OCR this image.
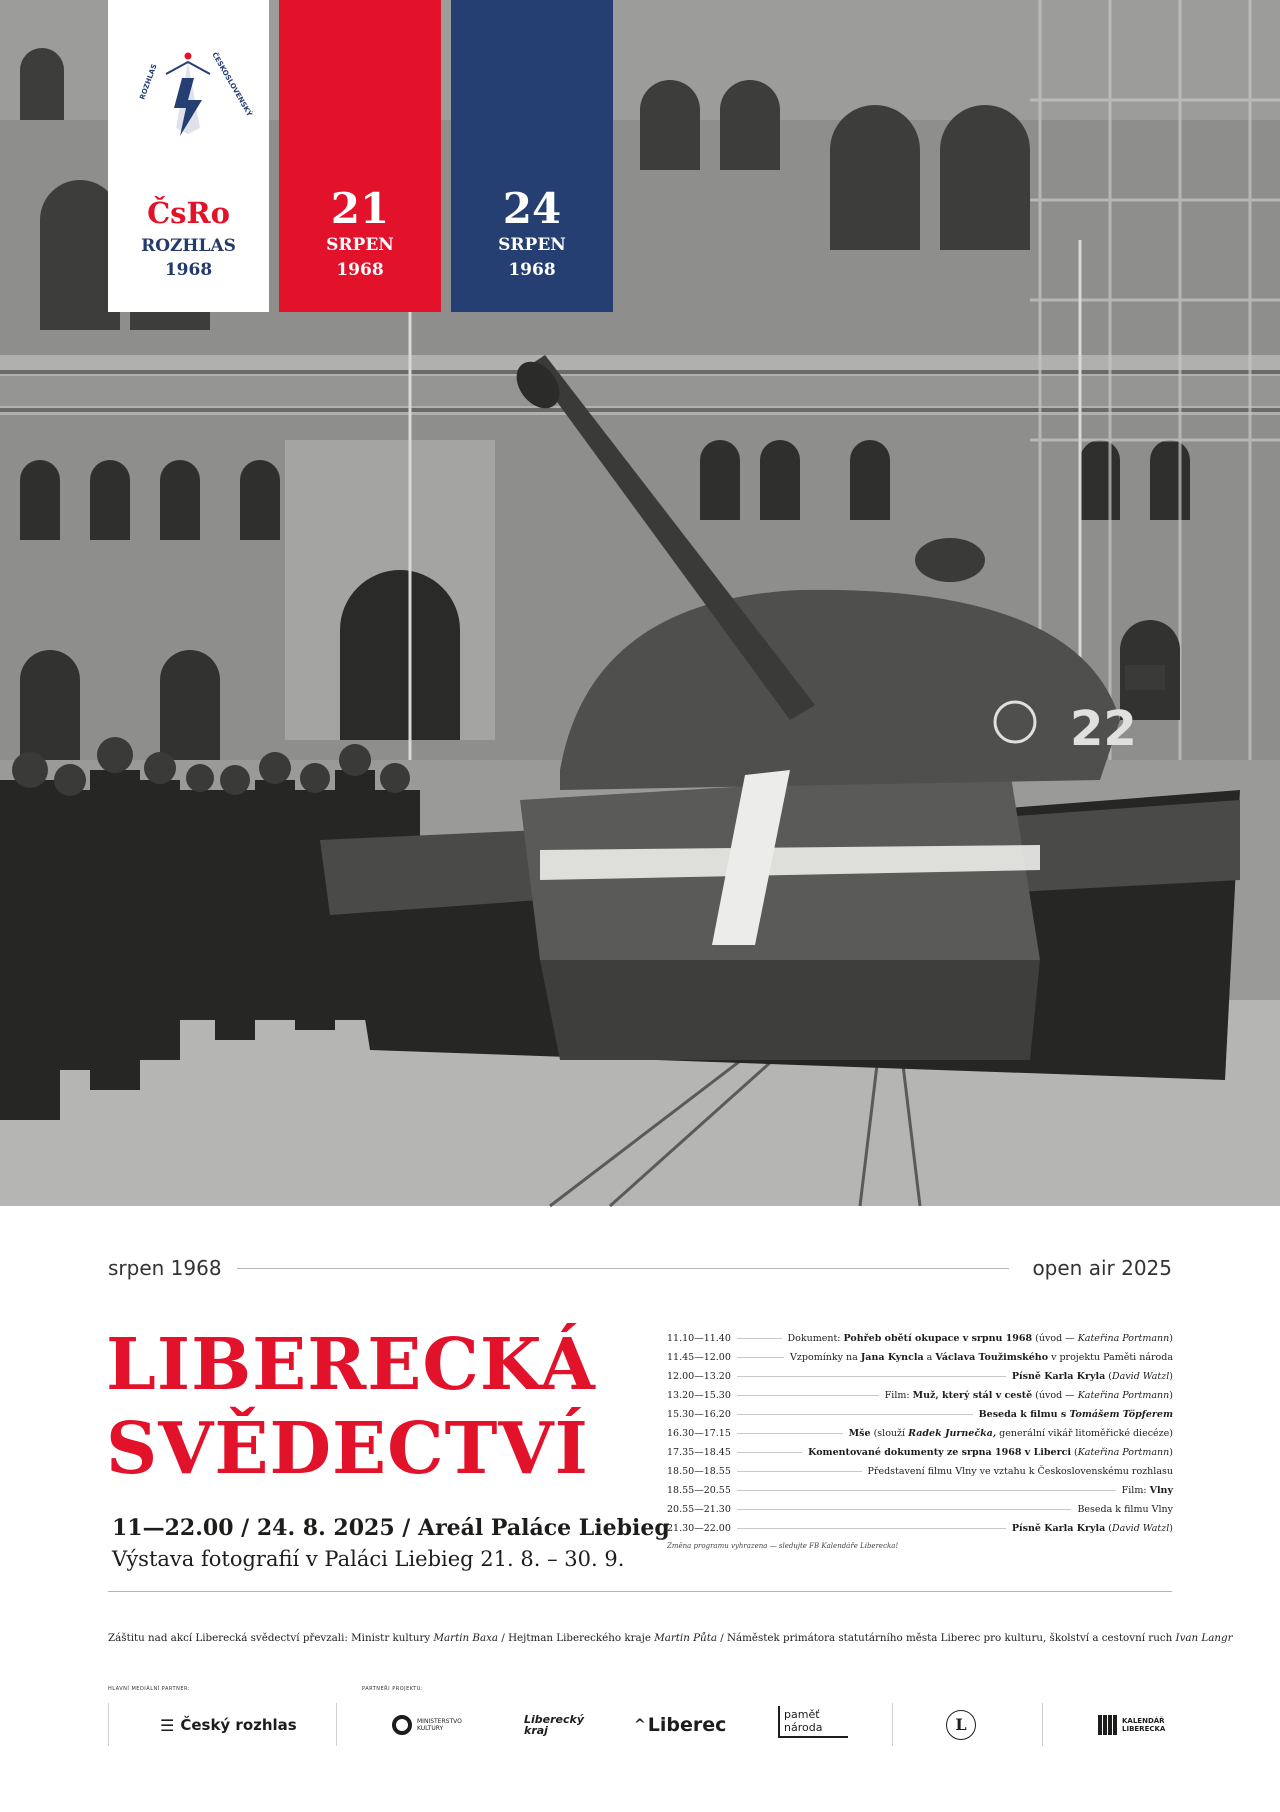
22
ROZHLAS	ČESKOSLOVENSKÝ
ČsRo
ROZHLAS
1968
21
SRPEN
1968
24
SRPEN
1968
srpen 1968	open air 2025
LIBERECKÁ
SVĚDECTVÍ
11—22.00 / 24. 8. 2025 / Areál Paláce Liebieg
Výstava fotografií v Paláci Liebieg 21. 8. – 30. 9.
11.10—11.40	Dokument: Pohřeb obětí okupace v srpnu 1968 (úvod — Kateřina Portmann)
11.45—12.00	Vzpomínky na Jana Kyncla a Václava Toužimského v projektu Paměti národa
12.00—13.20	Písně Karla Kryla (David Watzl)
13.20—15.30	Film: Muž, který stál v cestě (úvod — Kateřina Portmann)
15.30—16.20	Beseda k filmu s Tomášem Töpferem
16.30—17.15	Mše (slouží Radek Jurnečka, generální vikář litoměřické diecéze)
17.35—18.45	Komentované dokumenty ze srpna 1968 v Liberci (Kateřina Portmann)
18.50—18.55	Představení filmu Vlny ve vztahu k Československému rozhlasu
18.55—20.55	Film: Vlny
20.55—21.30	Beseda k filmu Vlny
21.30—22.00	Písně Karla Kryla (David Watzl)
Změna programu vyhrazena — sledujte FB Kalendáře Liberecka!
Záštitu nad akcí Liberecká svědectví převzali: Ministr kultury Martin Baxa / Hejtman Libereckého kraje Martin Půta / Náměstek primátora statutárního města Liberec pro kulturu, školství a cestovní ruch Ivan Langr
HLAVNÍ MEDIÁLNÍ PARTNER:	PARTNEŘI PROJEKTU:
☰ Český rozhlas	MINISTERSTVO KULTURY
Liberecký kraj	^ Liberec	paměť národa	L	KALENDÁŘ LIBERECKA
